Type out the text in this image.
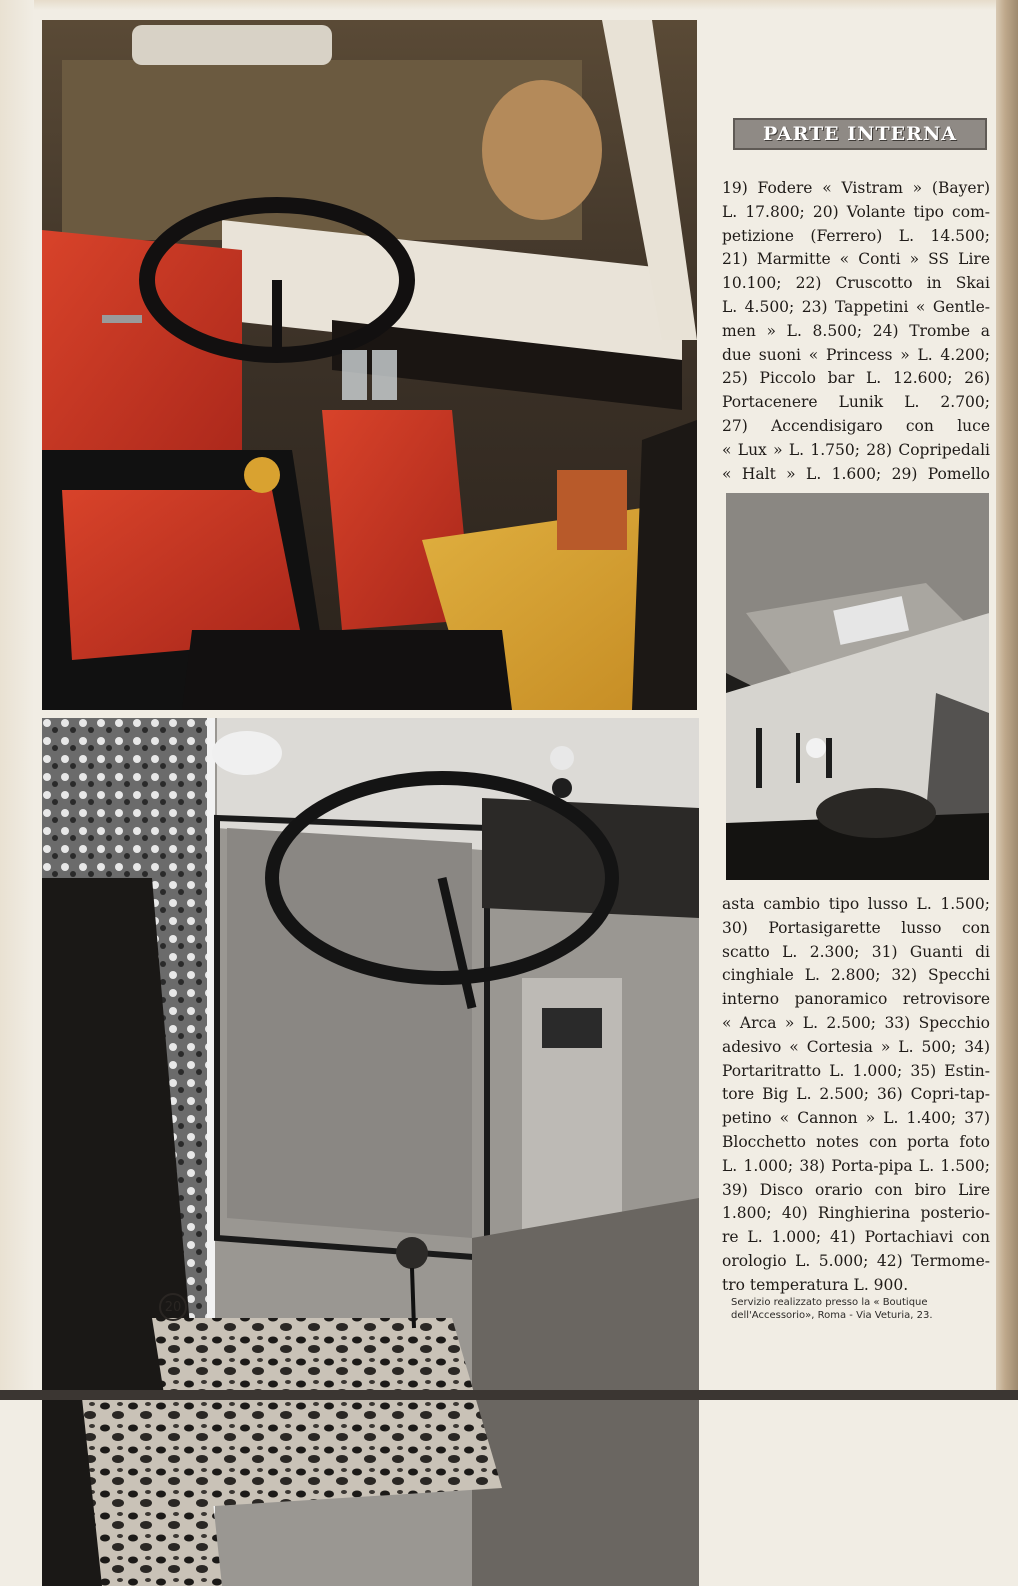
PARTE INTERNA
19) Fodere « Vistram » (Bayer)
L. 17.800; 20) Volante tipo com-
petizione (Ferrero) L. 14.500;
21) Marmitte « Conti » SS Lire
10.100; 22) Cruscotto in Skai
L. 4.500; 23) Tappetini « Gentle-
men » L. 8.500; 24) Trombe a
due suoni « Princess » L. 4.200;
25) Piccolo bar L. 12.600; 26)
Portacenere Lunik L. 2.700;
27) Accendisigaro con luce
« Lux » L. 1.750; 28) Copripedali
« Halt » L. 1.600; 29) Pomello
asta cambio tipo lusso L. 1.500;
30) Portasigarette lusso con
scatto L. 2.300; 31) Guanti di
cinghiale L. 2.800; 32) Specchi
interno panoramico retrovisore
« Arca » L. 2.500; 33) Specchio
adesivo « Cortesia » L. 500; 34)
Portaritratto L. 1.000; 35) Estin-
tore Big L. 2.500; 36) Copri-tap-
petino « Cannon » L. 1.400; 37)
Blocchetto notes con porta foto
L. 1.000; 38) Porta-pipa L. 1.500;
39) Disco orario con biro Lire
1.800; 40) Ringhierina posterio-
re L. 1.000; 41) Portachiavi con
orologio L. 5.000; 42) Termome-
tro temperatura L. 900.
Servizio realizzato presso la « Boutique
dell'Accessorio», Roma - Via Veturia, 23.
20
